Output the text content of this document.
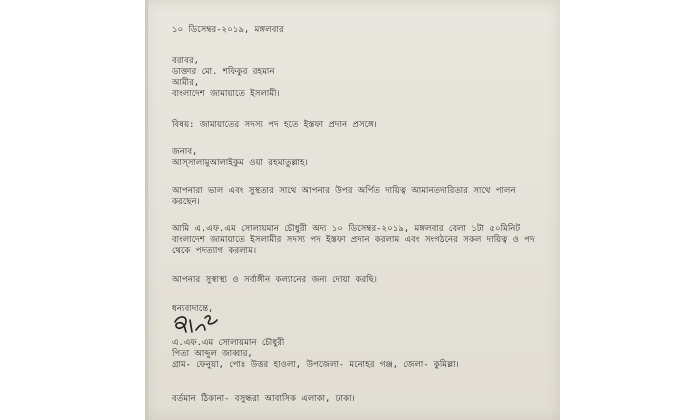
১০ ডিসেম্বর-২০১৯, মঙ্গলবার
বরাবর,
ডাক্তার মো. শফিকুর রহমান
আমীর,
বাংলাদেশ জামায়াতে ইসলামী।
বিষয়: জামায়াতের সদস্য পদ হতে ইস্তফা প্রদান প্রসঙ্গে।
জনাব,
আস্সালামুআলাইকুম ওয়া রহমাতুল্লাহ।
আপনারা ভাল এবং সুস্থতার সাথে আপনার উপর অর্পিত দায়িত্ব আমানতদারিতার সাথে পালন
করছেন।
আমি এ.এফ.এম সোলায়মান চৌধুরী অদ্য ১০ ডিসেম্বর-২০১৯, মঙ্গলবার বেলা ১টা ৫০মিনিট
বাংলাদেশ জামায়াতে ইসলামীর সদস্য পদ ইস্তফা প্রদান করলাম এবং সংগঠনের সকল দায়িত্ব ও পদ
থেকে পদত্যাগ করলাম।
আপনার সুস্বাস্থ্য ও সর্বাঙ্গীন কল্যানের জন্য দোয়া করছি।
ধন্যবাদান্তে,
এ.এফ.এম সোলায়মান চৌধুরী
পিতা আব্দুল জাব্বার,
গ্রাম- ফেনুয়া, পোঃ উত্তর হাওলা, উপজেলা- মনোহর গঞ্জ, জেলা- কুমিল্লা।
বর্তমান ঠিকানা- বসুন্ধরা আবাসিক এলাকা, ঢাকা।
